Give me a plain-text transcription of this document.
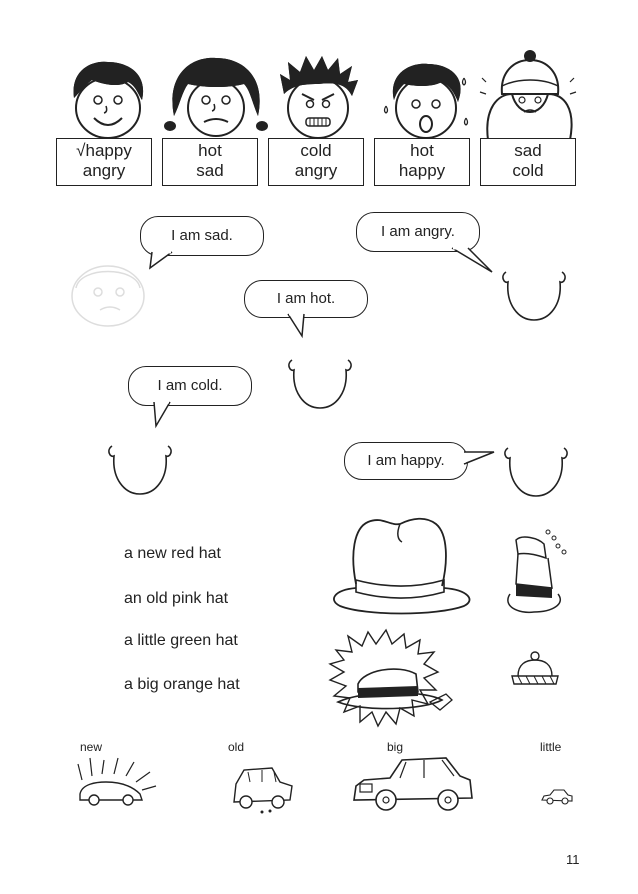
√happy
angry
hot
sad
cold
angry
hot
happy
sad
cold
I am sad.	I am angry.
I am hot.
I am cold.
I am happy.
a new red hat
an old pink hat
a little green hat
a big orange hat
new	old	big	little
11
